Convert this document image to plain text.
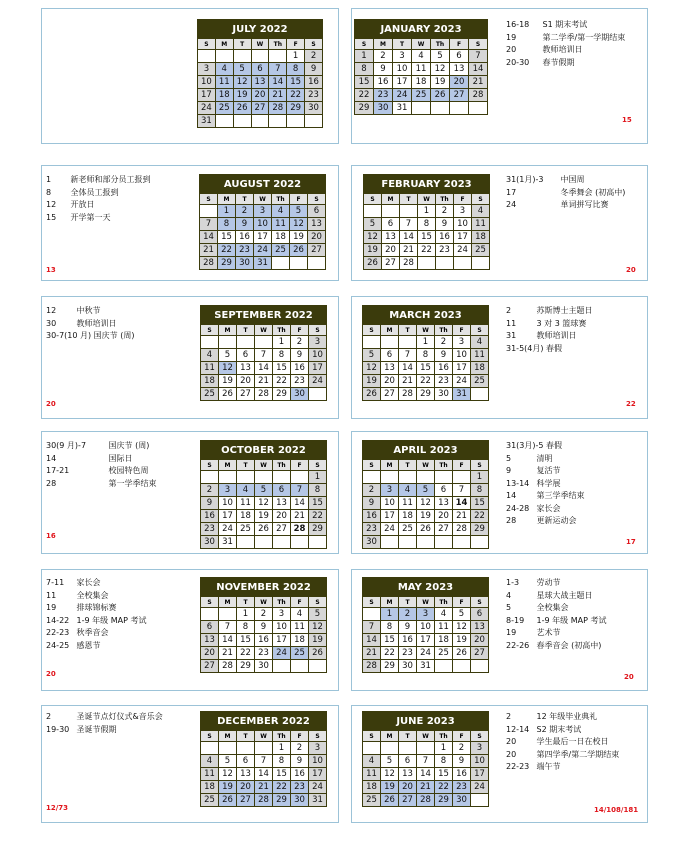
JULY 2022						
S	M	T	W	Th	F	S
					1	2
3	4	5	6	7	8	9
10	11	12	13	14	15	16
17	18	19	20	21	22	23
24	25	26	27	28	29	30
31						
JANUARY 2023						
S	M	T	W	Th	F	S
1	2	3	4	5	6	7
8	9	10	11	12	13	14
15	16	17	18	19	20	21
22	23	24	25	26	27	28
29	30	31				
AUGUST 2022						
S	M	T	W	Th	F	S
	1	2	3	4	5	6
7	8	9	10	11	12	13
14	15	16	17	18	19	20
21	22	23	24	25	26	27
28	29	30	31			
FEBRUARY 2023						
S	M	T	W	Th	F	S
			1	2	3	4
5	6	7	8	9	10	11
12	13	14	15	16	17	18
19	20	21	22	23	24	25
26	27	28				
SEPTEMBER 2022						
S	M	T	W	Th	F	S
				1	2	3
4	5	6	7	8	9	10
11	12	13	14	15	16	17
18	19	20	21	22	23	24
25	26	27	28	29	30	
MARCH 2023						
S	M	T	W	Th	F	S
			1	2	3	4
5	6	7	8	9	10	11
12	13	14	15	16	17	18
19	20	21	22	23	24	25
26	27	28	29	30	31	
OCTOBER 2022						
S	M	T	W	Th	F	S
						1
2	3	4	5	6	7	8
9	10	11	12	13	14	15
16	17	18	19	20	21	22
23	24	25	26	27	28	29
30	31					
APRIL 2023						
S	M	T	W	Th	F	S
						1
2	3	4	5	6	7	8
9	10	11	12	13	14	15
16	17	18	19	20	21	22
23	24	25	26	27	28	29
30						
NOVEMBER 2022						
S	M	T	W	Th	F	S
		1	2	3	4	5
6	7	8	9	10	11	12
13	14	15	16	17	18	19
20	21	22	23	24	25	26
27	28	29	30			
MAY 2023						
S	M	T	W	Th	F	S
	1	2	3	4	5	6
7	8	9	10	11	12	13
14	15	16	17	18	19	20
21	22	23	24	25	26	27
28	29	30	31			
DECEMBER 2022						
S	M	T	W	Th	F	S
				1	2	3
4	5	6	7	8	9	10
11	12	13	14	15	16	17
18	19	20	21	22	23	24
25	26	27	28	29	30	31
JUNE 2023						
S	M	T	W	Th	F	S
				1	2	3
4	5	6	7	8	9	10
11	12	13	14	15	16	17
18	19	20	21	22	23	24
25	26	27	28	29	30	
16-18 S1 期末考试
19	第二学季/第一学期结束
20	教师培训日
20-30 春节假期
1 新老师和部分员工报到
8 全体员工报到
12 开放日
15 开学第一天
31(1月)-3 中国周
17	冬季舞会 (初高中)
24	单词拼写比赛
12	中秋节
30	教师培训日
30-7(10 月) 国庆节 (周)
2	苏斯博士主题日
11	3 对 3 篮球赛
31	教师培训日
31-5(4月) 春假
30(9 月)-7	国庆节 (周)
14	国际日
17-21	校园特色周
28	第一学季结束
31(3月)-5 春假
5	清明
9	复活节
13-14 科学展
14	第三学季结束
24-28 家长会
28	更新运动会
7-11 家长会
11	全校集会
19	排球锦标赛
14-22 1-9 年级 MAP 考试
22-23 秋季音会
24-25 感恩节
1-3 劳动节
4	星球大战主题日
5	全校集会
8-19 1-9 年级 MAP 考试
19	艺术节
22-26 春季音会 (初高中)
2	圣诞节点灯仪式&音乐会
19-30 圣诞节假期
2	12 年级毕业典礼
12-14 S2 期末考试
20	学生最后一日在校日
20	第四学季/第二学期结束
22-23 端午节
15
13	20
20	22
16
17
20	20
12/73	14/108/181
